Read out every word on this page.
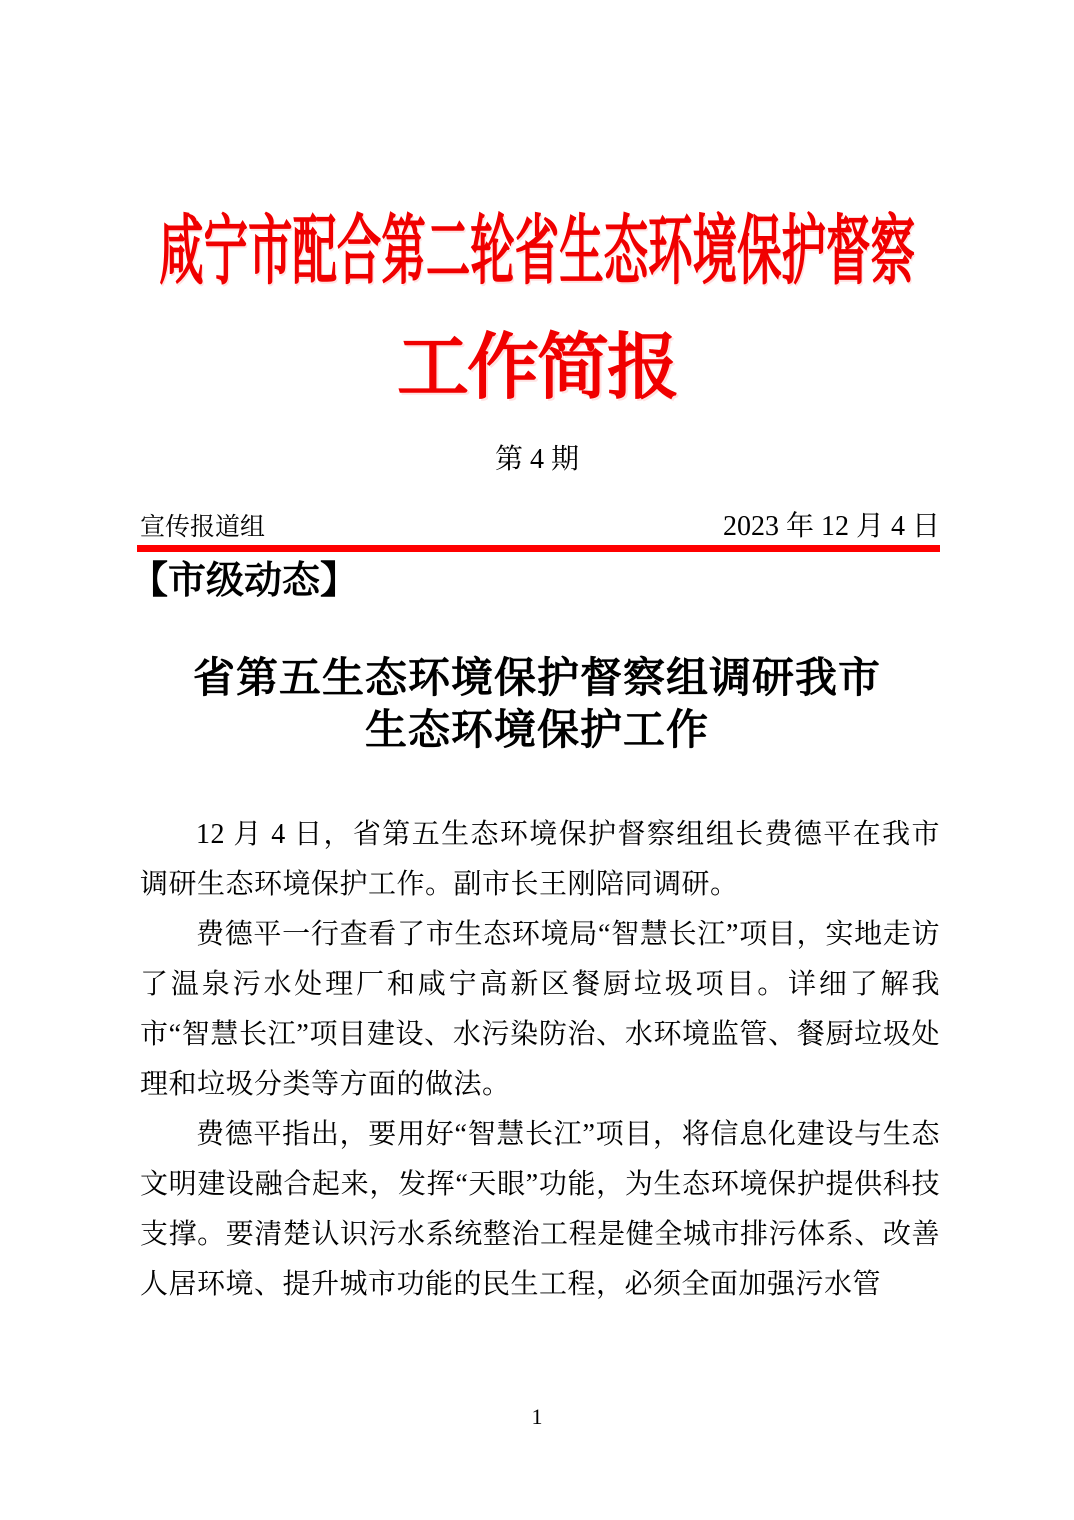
咸宁市配合第二轮省生态环境保护督察
工作简报
第 4 期
宣传报道组	2023 年 12 月 4 日
【市级动态】
省第五生态环境保护督察组调研我市
生态环境保护工作

12 月 4 日，省第五生态环境保护督察组组长费德平在我市调研生态环境保护工作。副市长王刚陪同调研。

费德平一行查看了市生态环境局“智慧长江”项目，实地走访了温泉污水处理厂和咸宁高新区餐厨垃圾项目。详细了解我市“智慧长江”项目建设、水污染防治、水环境监管、餐厨垃圾处理和垃圾分类等方面的做法。

费德平指出，要用好“智慧长江”项目，将信息化建设与生态文明建设融合起来，发挥“天眼”功能，为生态环境保护提供科技支撑。要清楚认识污水系统整治工程是健全城市排污体系、改善人居环境、提升城市功能的民生工程，必须全面加强污水管

1
